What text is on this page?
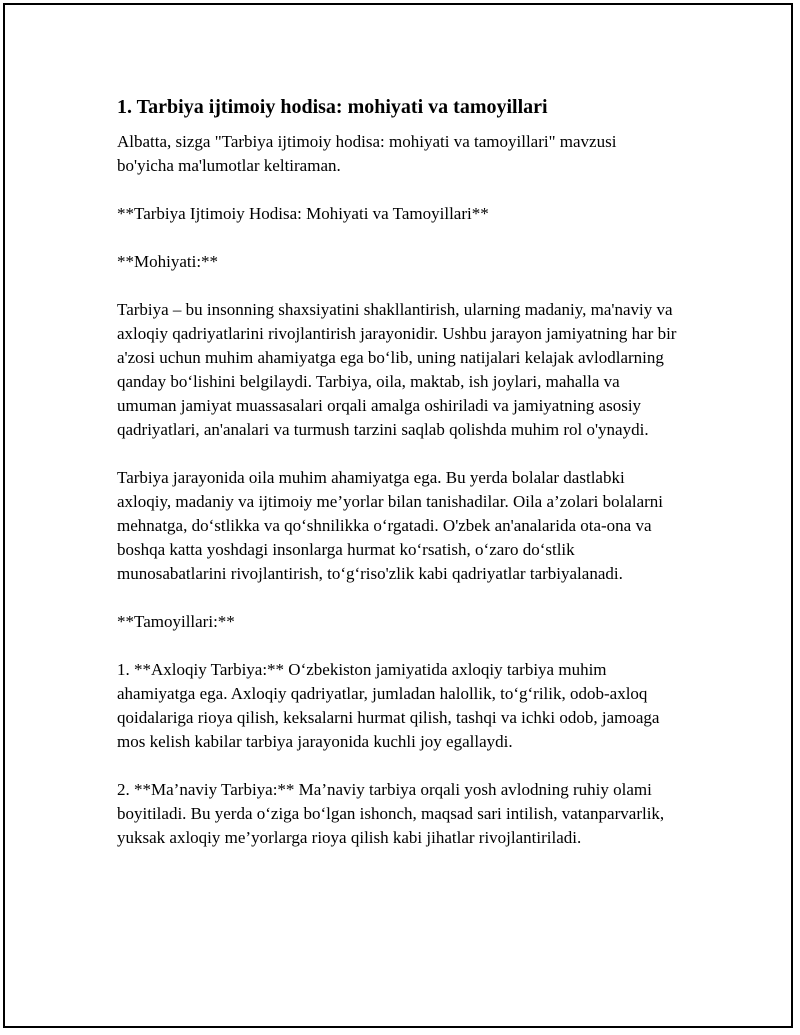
1. Tarbiya ijtimoiy hodisa: mohiyati va tamoyillari

Albatta, sizga "Tarbiya ijtimoiy hodisa: mohiyati va tamoyillari" mavzusi bo'yicha ma'lumotlar keltiraman.

**Tarbiya Ijtimoiy Hodisa: Mohiyati va Tamoyillari**

**Mohiyati:**

Tarbiya – bu insonning shaxsiyatini shakllantirish, ularning madaniy, ma'naviy va axloqiy qadriyatlarini rivojlantirish jarayonidir. Ushbu jarayon jamiyatning har bir a'zosi uchun muhim ahamiyatga ega bo‘lib, uning natijalari kelajak avlodlarning qanday bo‘lishini belgilaydi. Tarbiya, oila, maktab, ish joylari, mahalla va umuman jamiyat muassasalari orqali amalga oshiriladi va jamiyatning asosiy qadriyatlari, an'analari va turmush tarzini saqlab qolishda muhim rol o'ynaydi.

Tarbiya jarayonida oila muhim ahamiyatga ega. Bu yerda bolalar dastlabki axloqiy, madaniy va ijtimoiy me’yorlar bilan tanishadilar. Oila a’zolari bolalarni mehnatga, do‘stlikka va qo‘shnilikka o‘rgatadi. O'zbek an'analarida ota-ona va boshqa katta yoshdagi insonlarga hurmat ko‘rsatish, o‘zaro do‘stlik munosabatlarini rivojlantirish, to‘g‘riso'zlik kabi qadriyatlar tarbiyalanadi.

**Tamoyillari:**

1. **Axloqiy Tarbiya:** O‘zbekiston jamiyatida axloqiy tarbiya muhim ahamiyatga ega. Axloqiy qadriyatlar, jumladan halollik, to‘g‘rilik, odob-axloq qoidalariga rioya qilish, keksalarni hurmat qilish, tashqi va ichki odob, jamoaga mos kelish kabilar tarbiya jarayonida kuchli joy egallaydi.

2. **Ma’naviy Tarbiya:** Ma’naviy tarbiya orqali yosh avlodning ruhiy olami boyitiladi. Bu yerda o‘ziga bo‘lgan ishonch, maqsad sari intilish, vatanparvarlik, yuksak axloqiy me’yorlarga rioya qilish kabi jihatlar rivojlantiriladi.
